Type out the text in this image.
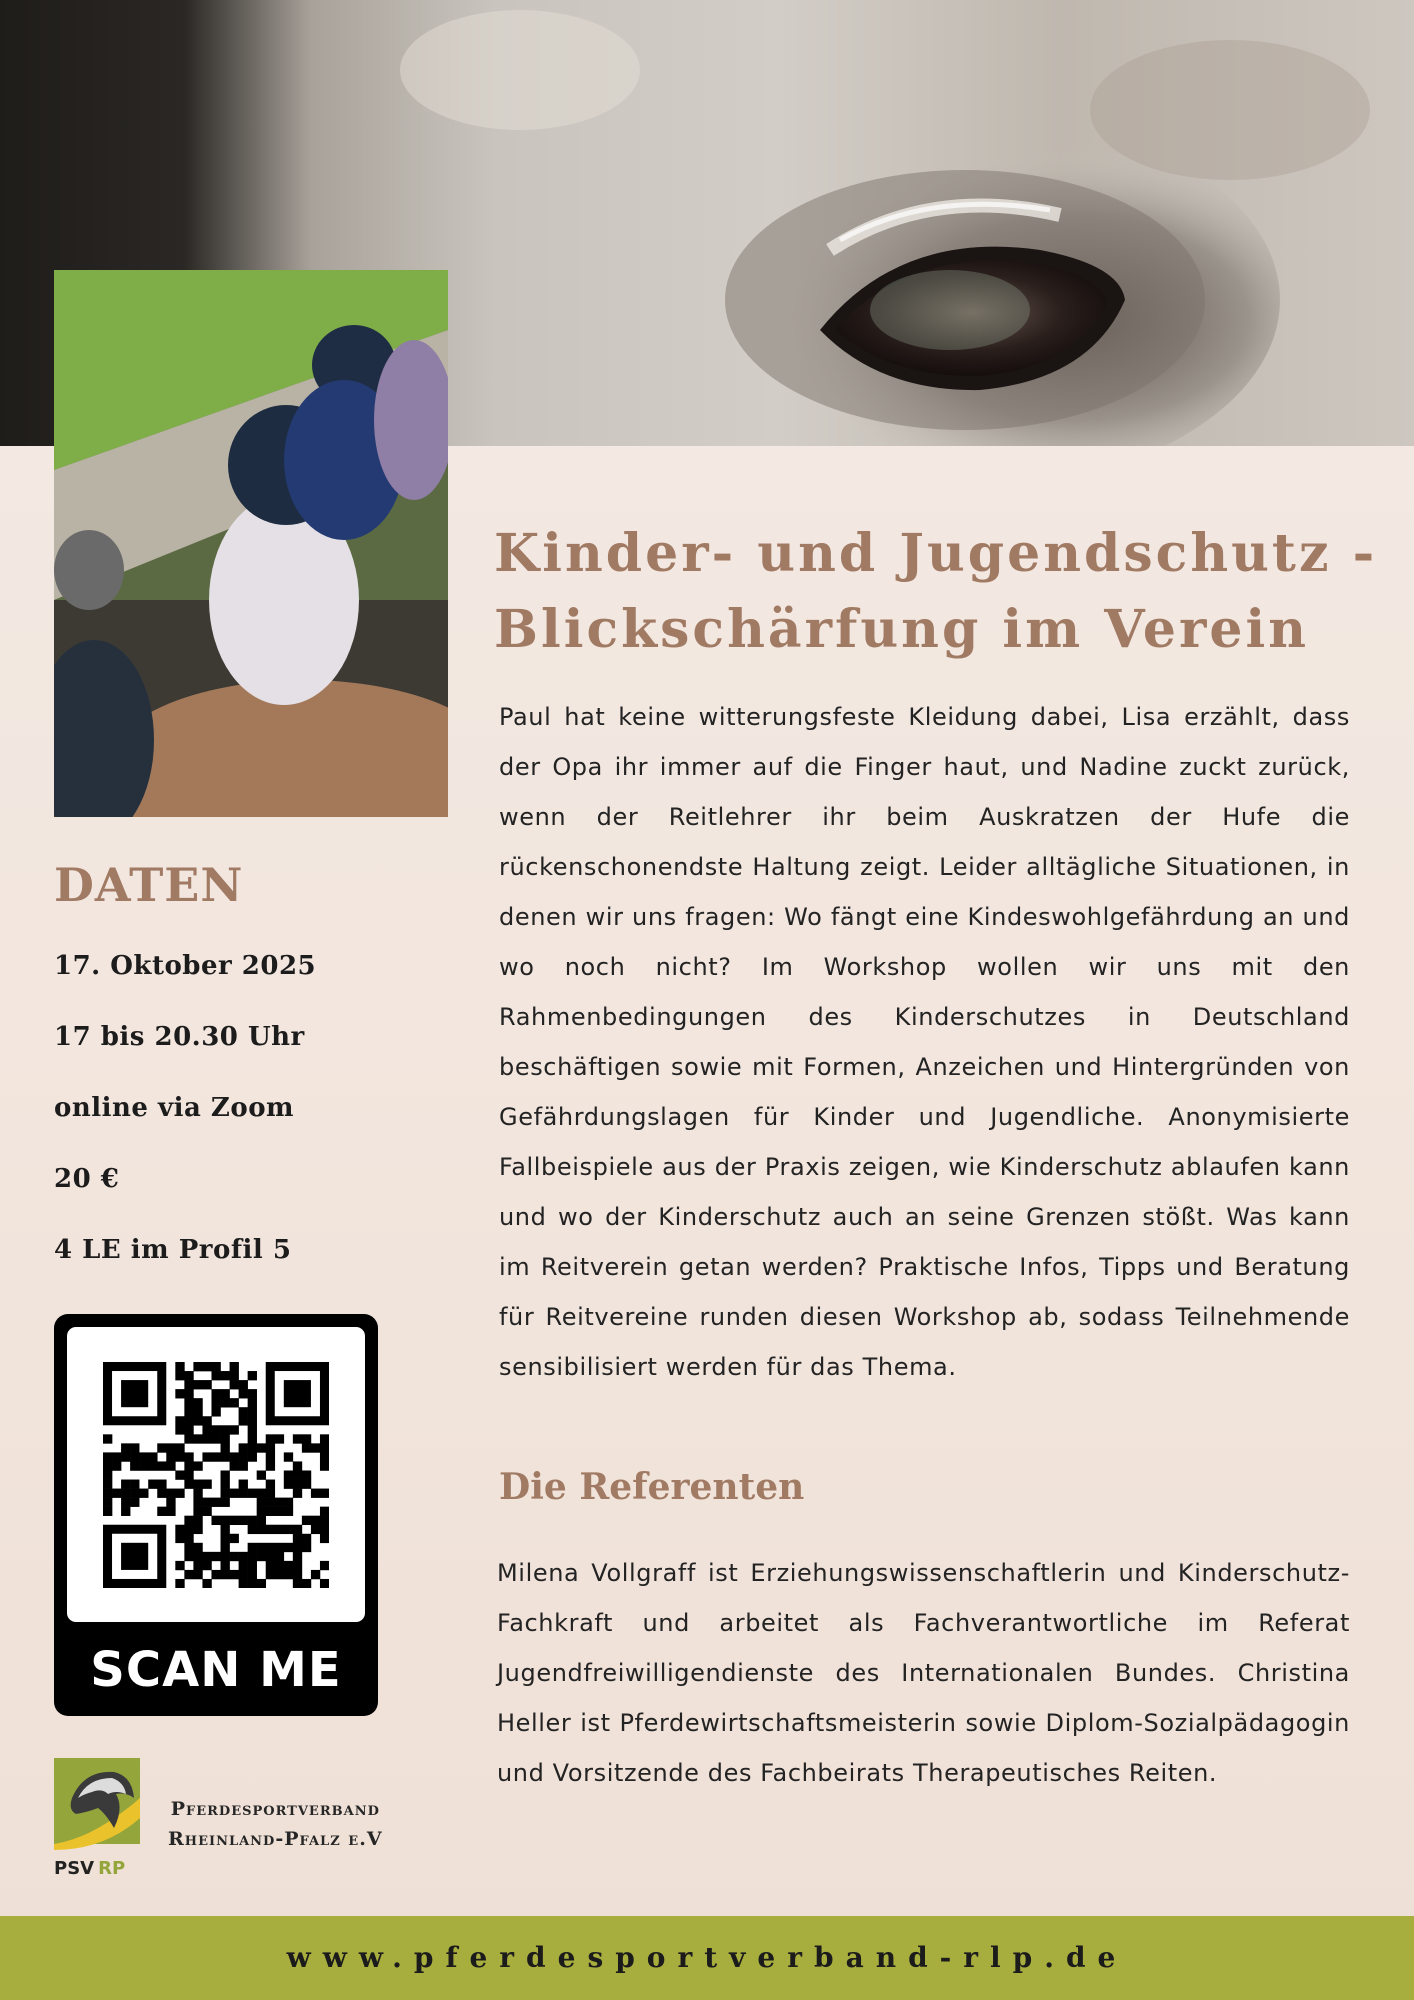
Kinder- und Jugendschutz -
Blickschärfung im Verein

Paul hat keine witterungsfeste Kleidung dabei, Lisa erzählt, dass der Opa ihr immer auf die Finger haut, und Nadine zuckt zurück, wenn der Reitlehrer ihr beim Auskratzen der Hufe die rückenschonendste Haltung zeigt. Leider alltägliche Situationen, in denen wir uns fragen: Wo fängt eine Kindeswohlgefährdung an und wo noch nicht? Im Workshop wollen wir uns mit den Rahmenbedingungen des Kinderschutzes in Deutschland beschäftigen sowie mit Formen, Anzeichen und Hintergründen von Gefährdungslagen für Kinder und Jugendliche. Anonymisierte Fallbeispiele aus der Praxis zeigen, wie Kinderschutz ablaufen kann und wo der Kinderschutz auch an seine Grenzen stößt. Was kann im Reitverein getan werden? Praktische Infos, Tipps und Beratung für Reitvereine runden diesen Workshop ab, sodass Teilnehmende sensibilisiert werden für das Thema.

DATEN
17. Oktober 2025
17 bis 20.30 Uhr
online via Zoom
20 €
4 LE im Profil 5
SCAN ME
PSV RP

Pferdesportverband
Rheinland-Pfalz e.V

Die Referenten

Milena Vollgraff ist Erziehungswissenschaftlerin und Kinderschutz-Fachkraft und arbeitet als Fachverantwortliche im Referat Jugendfreiwilligendienste des Internationalen Bundes. Christina Heller ist Pferdewirtschaftsmeisterin sowie Diplom-Sozialpädagogin und Vorsitzende des Fachbeirats Therapeutisches Reiten.

www.pferdesportverband-rlp.de
